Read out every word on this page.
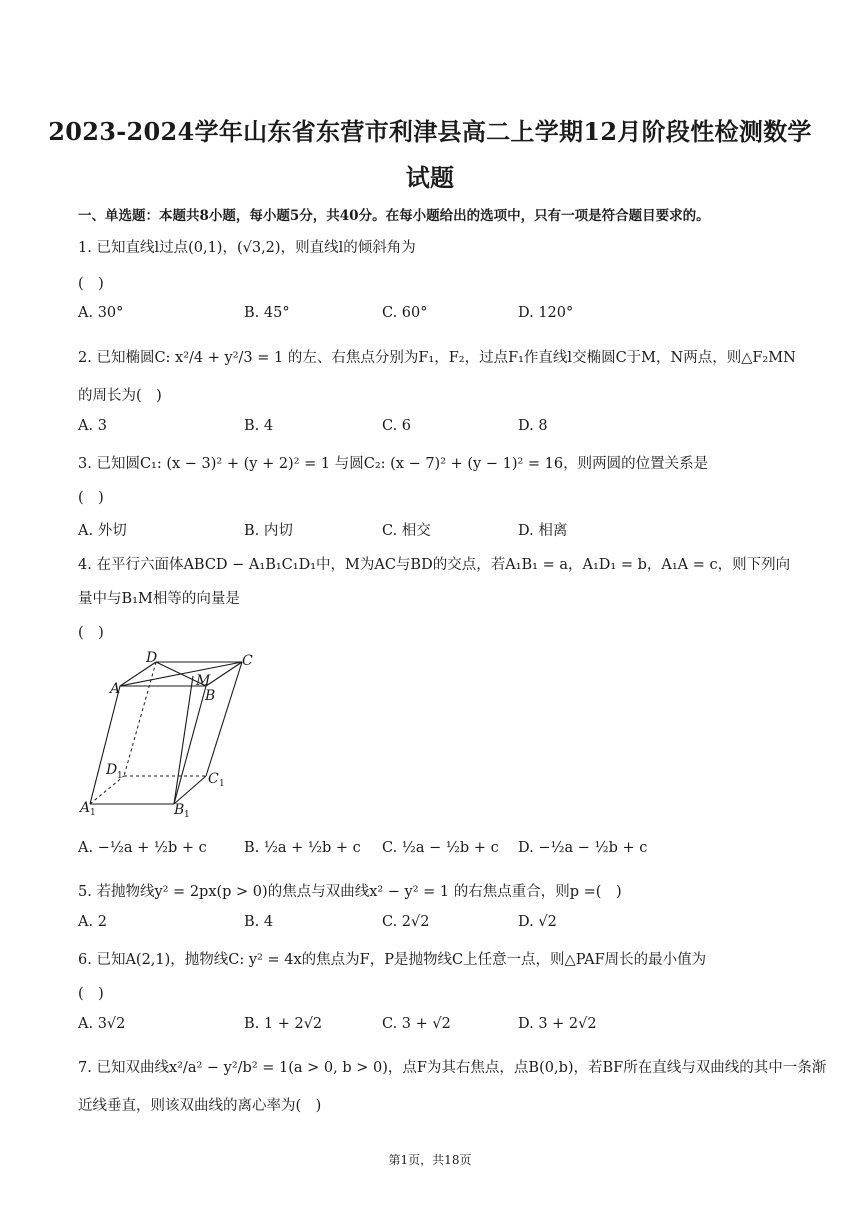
2023-2024学年山东省东营市利津县高二上学期12月阶段性检测数学
试题
一、单选题：本题共8小题，每小题5分，共40分。在每小题给出的选项中，只有一项是符合题目要求的。
1. 已知直线l过点(0,1)，(√3,2)，则直线l的倾斜角为
(　)
A. 30°	B. 45°	C. 60°	D. 120°
2. 已知椭圆C: x²/4 + y²/3 = 1 的左、右焦点分别为F₁，F₂，过点F₁作直线l交椭圆C于M，N两点，则△F₂MN
的周长为(　)
A. 3	B. 4	C. 6	D. 8
3. 已知圆C₁: (x − 3)² + (y + 2)² = 1 与圆C₂: (x − 7)² + (y − 1)² = 16，则两圆的位置关系是
(　)
A. 外切	B. 内切	C. 相交	D. 相离
4. 在平行六面体ABCD − A₁B₁C₁D₁中，M为AC与BD的交点，若A₁B₁ = a，A₁D₁ = b，A₁A = c，则下列向
量中与B₁M相等的向量是
(　)
D	C
A	M
B
D
C
A	B
1
1
1	1
A. −½a + ½b + c	B. ½a + ½b + c C. ½a − ½b + c D. −½a − ½b + c
5. 若抛物线y² = 2px(p > 0)的焦点与双曲线x² − y² = 1 的右焦点重合，则p =(　)
A. 2	B. 4	C. 2√2	D. √2
6. 已知A(2,1)，抛物线C: y² = 4x的焦点为F，P是抛物线C上任意一点，则△PAF周长的最小值为
(　)
A. 3√2	B. 1 + 2√2	C. 3 + √2	D. 3 + 2√2
7. 已知双曲线x²/a² − y²/b² = 1(a > 0, b > 0)，点F为其右焦点，点B(0,b)，若BF所在直线与双曲线的其中一条渐
近线垂直，则该双曲线的离心率为(　)
第1页，共18页
